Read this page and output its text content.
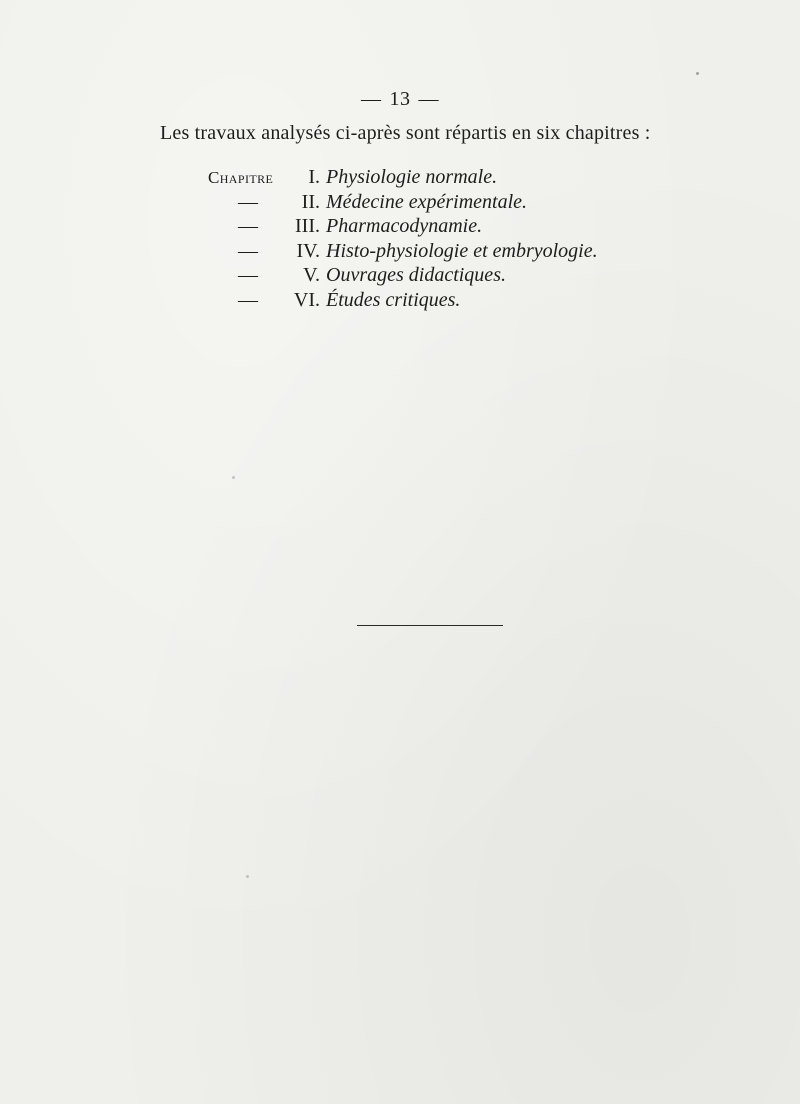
— 13 —
Les travaux analysés ci-après sont répartis en six chapitres :
Chapitre	I. Physiologie normale.
—	II. Médecine expérimentale.
—	III. Pharmacodynamie.
—	IV. Histo-physiologie et embryologie.
—	V. Ouvrages didactiques.
—	VI. Études critiques.
